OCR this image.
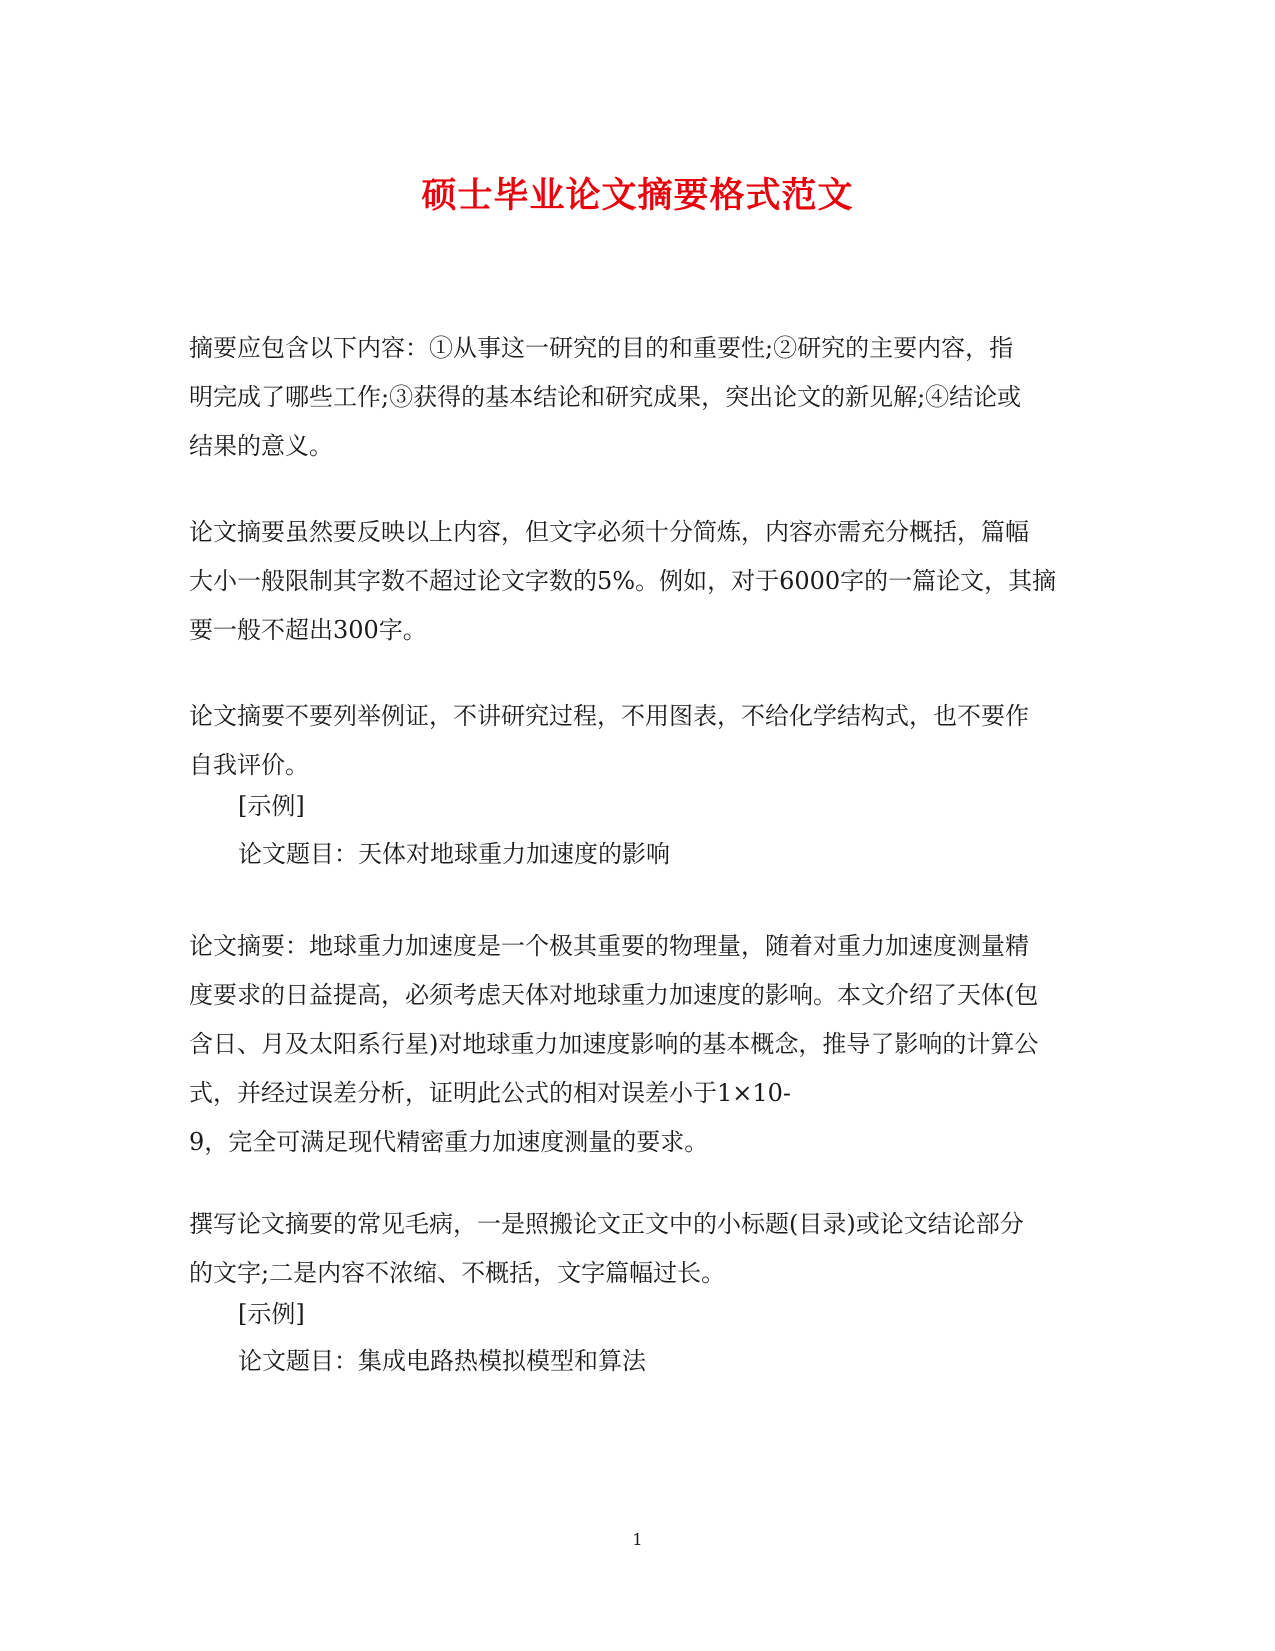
硕士毕业论文摘要格式范文
摘要应包含以下内容：①从事这一研究的目的和重要性;②研究的主要内容，指
明完成了哪些工作;③获得的基本结论和研究成果，突出论文的新见解;④结论或
结果的意义。
论文摘要虽然要反映以上内容，但文字必须十分简炼，内容亦需充分概括，篇幅
大小一般限制其字数不超过论文字数的5%。例如，对于6000字的一篇论文，其摘
要一般不超出300字。
论文摘要不要列举例证，不讲研究过程，不用图表，不给化学结构式，也不要作
自我评价。
[示例]
论文题目：天体对地球重力加速度的影响
论文摘要：地球重力加速度是一个极其重要的物理量，随着对重力加速度测量精
度要求的日益提高，必须考虑天体对地球重力加速度的影响。本文介绍了天体(包
含日、月及太阳系行星)对地球重力加速度影响的基本概念，推导了影响的计算公
式，并经过误差分析，证明此公式的相对误差小于1×10-
9，完全可满足现代精密重力加速度测量的要求。
撰写论文摘要的常见毛病，一是照搬论文正文中的小标题(目录)或论文结论部分
的文字;二是内容不浓缩、不概括，文字篇幅过长。
[示例]
论文题目：集成电路热模拟模型和算法
1
